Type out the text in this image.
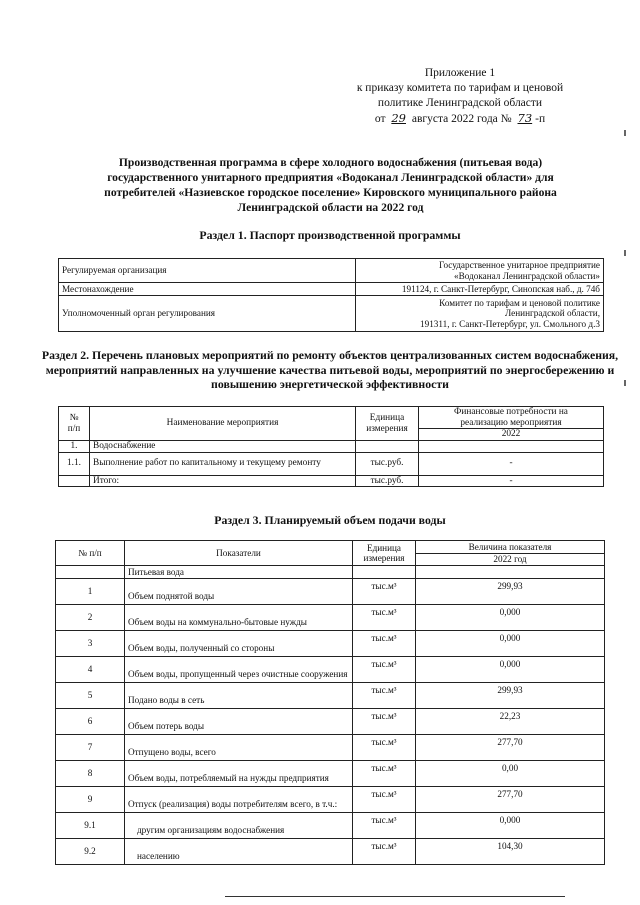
Приложение 1
к приказу комитета по тарифам и ценовой
политике Ленинградской области
от 29 августа 2022 года № 73 -п
Производственная программа в сфере холодного водоснабжения (питьевая вода) государственного унитарного предприятия «Водоканал Ленинградской области» для потребителей «Назиевское городское поселение» Кировского муниципального района Ленинградской области на 2022 год
Раздел 1. Паспорт производственной программы
Регулируемая организация	Государственное унитарное предприятие
«Водоканал Ленинградской области»
Местонахождение	191124, г. Санкт-Петербург, Синопская наб., д. 74б
Уполномоченный орган регулирования	Комитет по тарифам и ценовой политике
Ленинградской области,
191311, г. Санкт-Петербург, ул. Смольного д.3
Раздел 2. Перечень плановых мероприятий по ремонту объектов централизованных систем водоснабжения, мероприятий направленных на улучшение качества питьевой воды, мероприятий по энергосбережению и повышению энергетической эффективности
№
п/п	Наименование мероприятия	Единица
измерения	Финансовые потребности на
реализацию мероприятия
			2022
1.	Водоснабжение		
1.1.	Выполнение работ по капитальному и текущему ремонту	тыс.руб.	-
	Итого:	тыс.руб.	-
Раздел 3. Планируемый объем подачи воды
№ п/п	Показатели	Единица
измерения	Величина показателя
			2022 год
	Питьевая вода		
1	Объем поднятой воды	тыс.м³	299,93
2	Объем воды на коммунально-бытовые нужды	тыс.м³	0,000
3	Объем воды, полученный со стороны	тыс.м³	0,000
4	Объем воды, пропущенный через очистные сооружения	тыс.м³	0,000
5	Подано воды в сеть	тыс.м³	299,93
6	Объем потерь воды	тыс.м³	22,23
7	Отпущено воды, всего	тыс.м³	277,70
8	Объем воды, потребляемый на нужды предприятия	тыс.м³	0,00
9	Отпуск (реализация) воды потребителям всего, в т.ч.:	тыс.м³	277,70
9.1	другим организациям водоснабжения	тыс.м³	0,000
9.2	населению	тыс.м³	104,30
